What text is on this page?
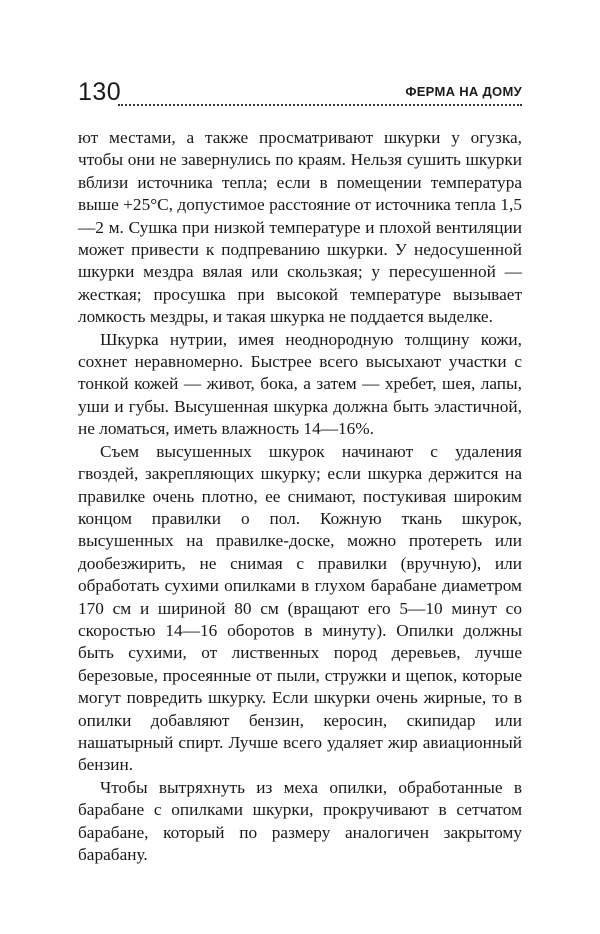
130	ФЕРМА НА ДОМУ

ют местами, а также просматривают шкурки у огузка, чтобы они не завернулись по краям. Нельзя сушить шкурки вблизи источника тепла; если в помещении температура выше +25°С, допустимое расстояние от источника тепла 1,5—2 м. Сушка при низкой температуре и плохой вентиляции может привести к подпреванию шкурки. У недосушенной шкурки мездра вялая или скользкая; у пересушенной — жесткая; просушка при высокой температуре вызывает ломкость мездры, и такая шкурка не поддается выделке.

Шкурка нутрии, имея неоднородную толщину кожи, сохнет неравномерно. Быстрее всего высыхают участки с тонкой кожей — живот, бока, а затем — хребет, шея, лапы, уши и губы. Высушенная шкурка должна быть эластичной, не ломаться, иметь влажность 14—16%.

Съем высушенных шкурок начинают с удаления гвоздей, закрепляющих шкурку; если шкурка держится на правилке очень плотно, ее снимают, постукивая широким концом правилки о пол. Кожную ткань шкурок, высушенных на правилке-доске, можно протереть или дообезжирить, не снимая с правилки (вручную), или обработать сухими опилками в глухом барабане диаметром 170 см и шириной 80 см (вращают его 5—10 минут со скоростью 14—16 оборотов в минуту). Опилки должны быть сухими, от лиственных пород деревьев, лучше березовые, просеянные от пыли, стружки и щепок, которые могут повредить шкурку. Если шкурки очень жирные, то в опилки добавляют бензин, керосин, скипидар или нашатырный спирт. Лучше всего удаляет жир авиационный бензин.

Чтобы вытряхнуть из меха опилки, обработанные в барабане с опилками шкурки, прокручивают в сетчатом барабане, который по размеру аналогичен закрытому барабану.
